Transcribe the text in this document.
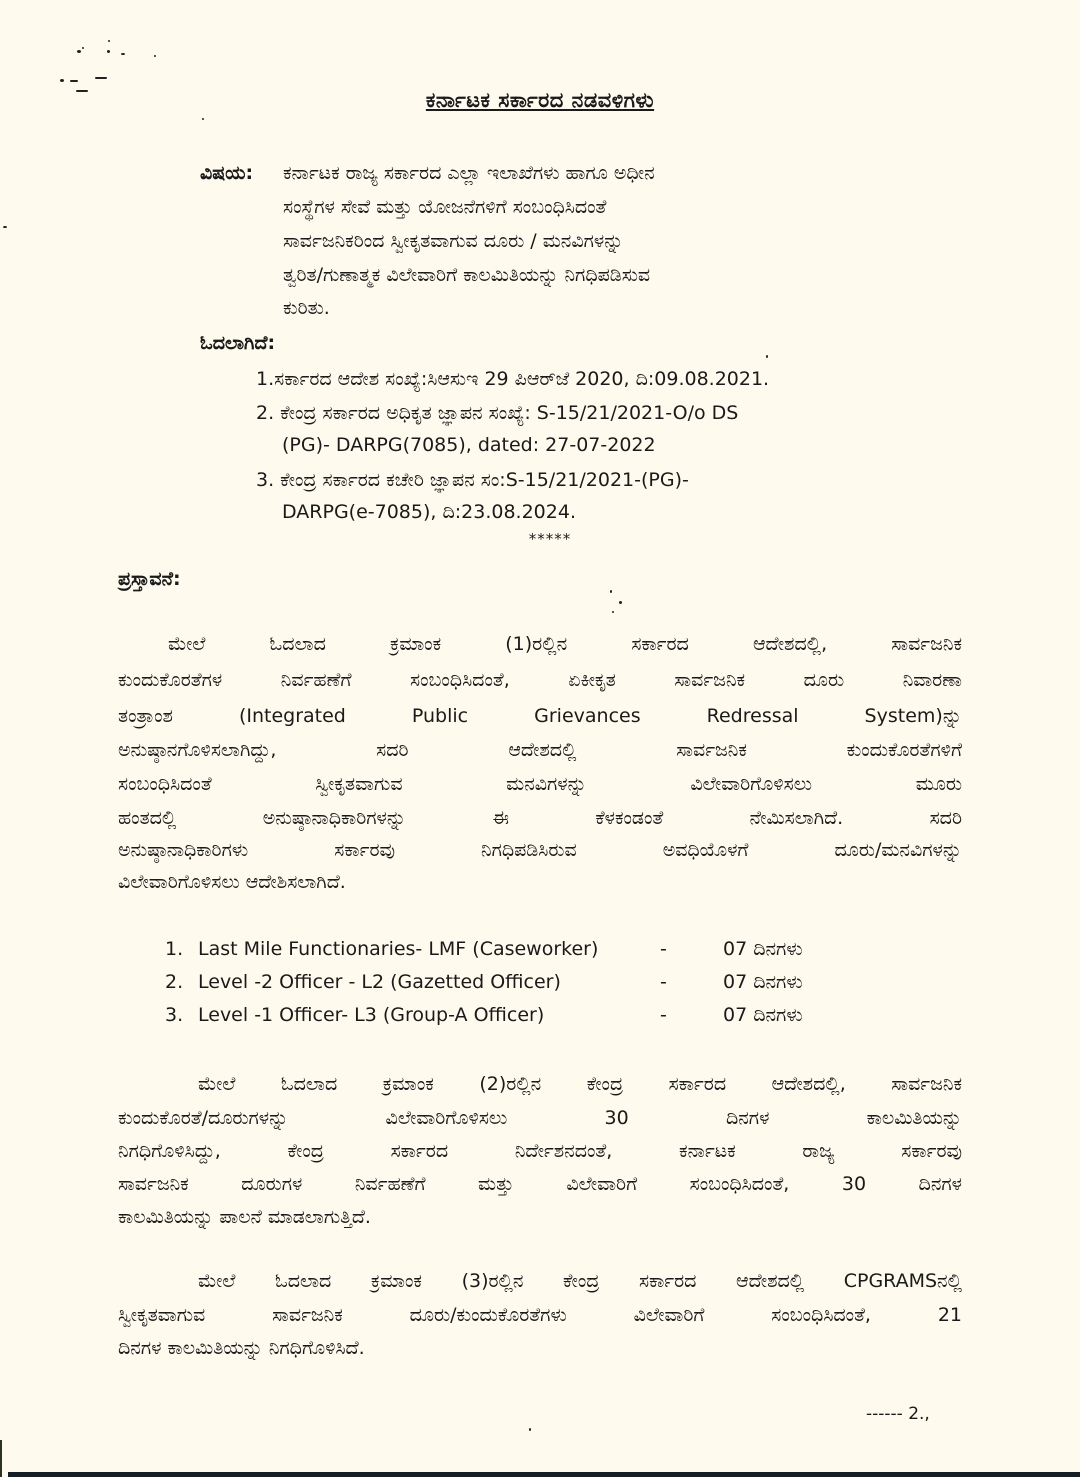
ಕರ್ನಾಟಕ ಸರ್ಕಾರದ ನಡವಳಿಗಳು
ವಿಷಯ: ಕರ್ನಾಟಕ ರಾಜ್ಯ ಸರ್ಕಾರದ ಎಲ್ಲಾ ಇಲಾಖೆಗಳು ಹಾಗೂ ಅಧೀನ
ಸಂಸ್ಥೆಗಳ ಸೇವೆ ಮತ್ತು ಯೋಜನೆಗಳಿಗೆ ಸಂಬಂಧಿಸಿದಂತೆ
ಸಾರ್ವಜನಿಕರಿಂದ ಸ್ವೀಕೃತವಾಗುವ ದೂರು / ಮನವಿಗಳನ್ನು
ತ್ವರಿತ/ಗುಣಾತ್ಮಕ ವಿಲೇವಾರಿಗೆ ಕಾಲಮಿತಿಯನ್ನು ನಿಗಧಿಪಡಿಸುವ
ಕುರಿತು.
ಓದಲಾಗಿದೆ:
1.ಸರ್ಕಾರದ ಆದೇಶ ಸಂಖ್ಯೆ:ಸಿಆಸುಇ 29 ಪಿಆರ್‌ಜೆ 2020, ದಿ:09.08.2021.
2. ಕೇಂದ್ರ ಸರ್ಕಾರದ ಅಧಿಕೃತ ಜ್ಞಾಪನ ಸಂಖ್ಯೆ: S-15/21/2021-O/o DS
(PG)- DARPG(7085), dated: 27-07-2022
3. ಕೇಂದ್ರ ಸರ್ಕಾರದ ಕಚೇರಿ ಜ್ಞಾಪನ ಸಂ:S-15/21/2021-(PG)-
DARPG(e-7085), ದಿ:23.08.2024.
*****
ಪ್ರಸ್ತಾವನೆ:
ಮೇಲೆ ಓದಲಾದ ಕ್ರಮಾಂಕ (1)ರಲ್ಲಿನ ಸರ್ಕಾರದ ಆದೇಶದಲ್ಲಿ, ಸಾರ್ವಜನಿಕ
ಕುಂದುಕೊರತೆಗಳ ನಿರ್ವಹಣೆಗೆ ಸಂಬಂಧಿಸಿದಂತೆ, ಏಕೀಕೃತ ಸಾರ್ವಜನಿಕ ದೂರು ನಿವಾರಣಾ
ತಂತ್ರಾಂಶ (Integrated Public Grievances Redressal System)ನ್ನು
ಅನುಷ್ಠಾನಗೊಳಿಸಲಾಗಿದ್ದು, ಸದರಿ ಆದೇಶದಲ್ಲಿ ಸಾರ್ವಜನಿಕ ಕುಂದುಕೊರತೆಗಳಿಗೆ
ಸಂಬಂಧಿಸಿದಂತೆ ಸ್ವೀಕೃತವಾಗುವ ಮನವಿಗಳನ್ನು ವಿಲೇವಾರಿಗೊಳಿಸಲು ಮೂರು
ಹಂತದಲ್ಲಿ ಅನುಷ್ಠಾನಾಧಿಕಾರಿಗಳನ್ನು ಈ ಕೆಳಕಂಡಂತೆ ನೇಮಿಸಲಾಗಿದೆ. ಸದರಿ
ಅನುಷ್ಠಾನಾಧಿಕಾರಿಗಳು ಸರ್ಕಾರವು ನಿಗಧಿಪಡಿಸಿರುವ ಅವಧಿಯೊಳಗೆ ದೂರು/ಮನವಿಗಳನ್ನು
ವಿಲೇವಾರಿಗೊಳಿಸಲು ಆದೇಶಿಸಲಾಗಿದೆ.
1. Last Mile Functionaries- LMF (Caseworker)	-	07 ದಿನಗಳು
2. Level -2 Officer - L2 (Gazetted Officer)	-	07 ದಿನಗಳು
3. Level -1 Officer- L3 (Group-A Officer)	-	07 ದಿನಗಳು
ಮೇಲೆ ಓದಲಾದ ಕ್ರಮಾಂಕ (2)ರಲ್ಲಿನ ಕೇಂದ್ರ ಸರ್ಕಾರದ ಆದೇಶದಲ್ಲಿ, ಸಾರ್ವಜನಿಕ
ಕುಂದುಕೊರತೆ/ದೂರುಗಳನ್ನು ವಿಲೇವಾರಿಗೊಳಿಸಲು 30 ದಿನಗಳ ಕಾಲಮಿತಿಯನ್ನು
ನಿಗಧಿಗೊಳಿಸಿದ್ದು, ಕೇಂದ್ರ ಸರ್ಕಾರದ ನಿರ್ದೇಶನದಂತೆ, ಕರ್ನಾಟಕ ರಾಜ್ಯ ಸರ್ಕಾರವು
ಸಾರ್ವಜನಿಕ ದೂರುಗಳ ನಿರ್ವಹಣೆಗೆ ಮತ್ತು ವಿಲೇವಾರಿಗೆ ಸಂಬಂಧಿಸಿದಂತೆ, 30 ದಿನಗಳ
ಕಾಲಮಿತಿಯನ್ನು ಪಾಲನೆ ಮಾಡಲಾಗುತ್ತಿದೆ.
ಮೇಲೆ ಓದಲಾದ ಕ್ರಮಾಂಕ (3)ರಲ್ಲಿನ ಕೇಂದ್ರ ಸರ್ಕಾರದ ಆದೇಶದಲ್ಲಿ CPGRAMSನಲ್ಲಿ
ಸ್ವೀಕೃತವಾಗುವ ಸಾರ್ವಜನಿಕ ದೂರು/ಕುಂದುಕೊರತೆಗಳು ವಿಲೇವಾರಿಗೆ ಸಂಬಂಧಿಸಿದಂತೆ, 21
ದಿನಗಳ ಕಾಲಮಿತಿಯನ್ನು ನಿಗಧಿಗೊಳಿಸಿದೆ.
------ 2.,
